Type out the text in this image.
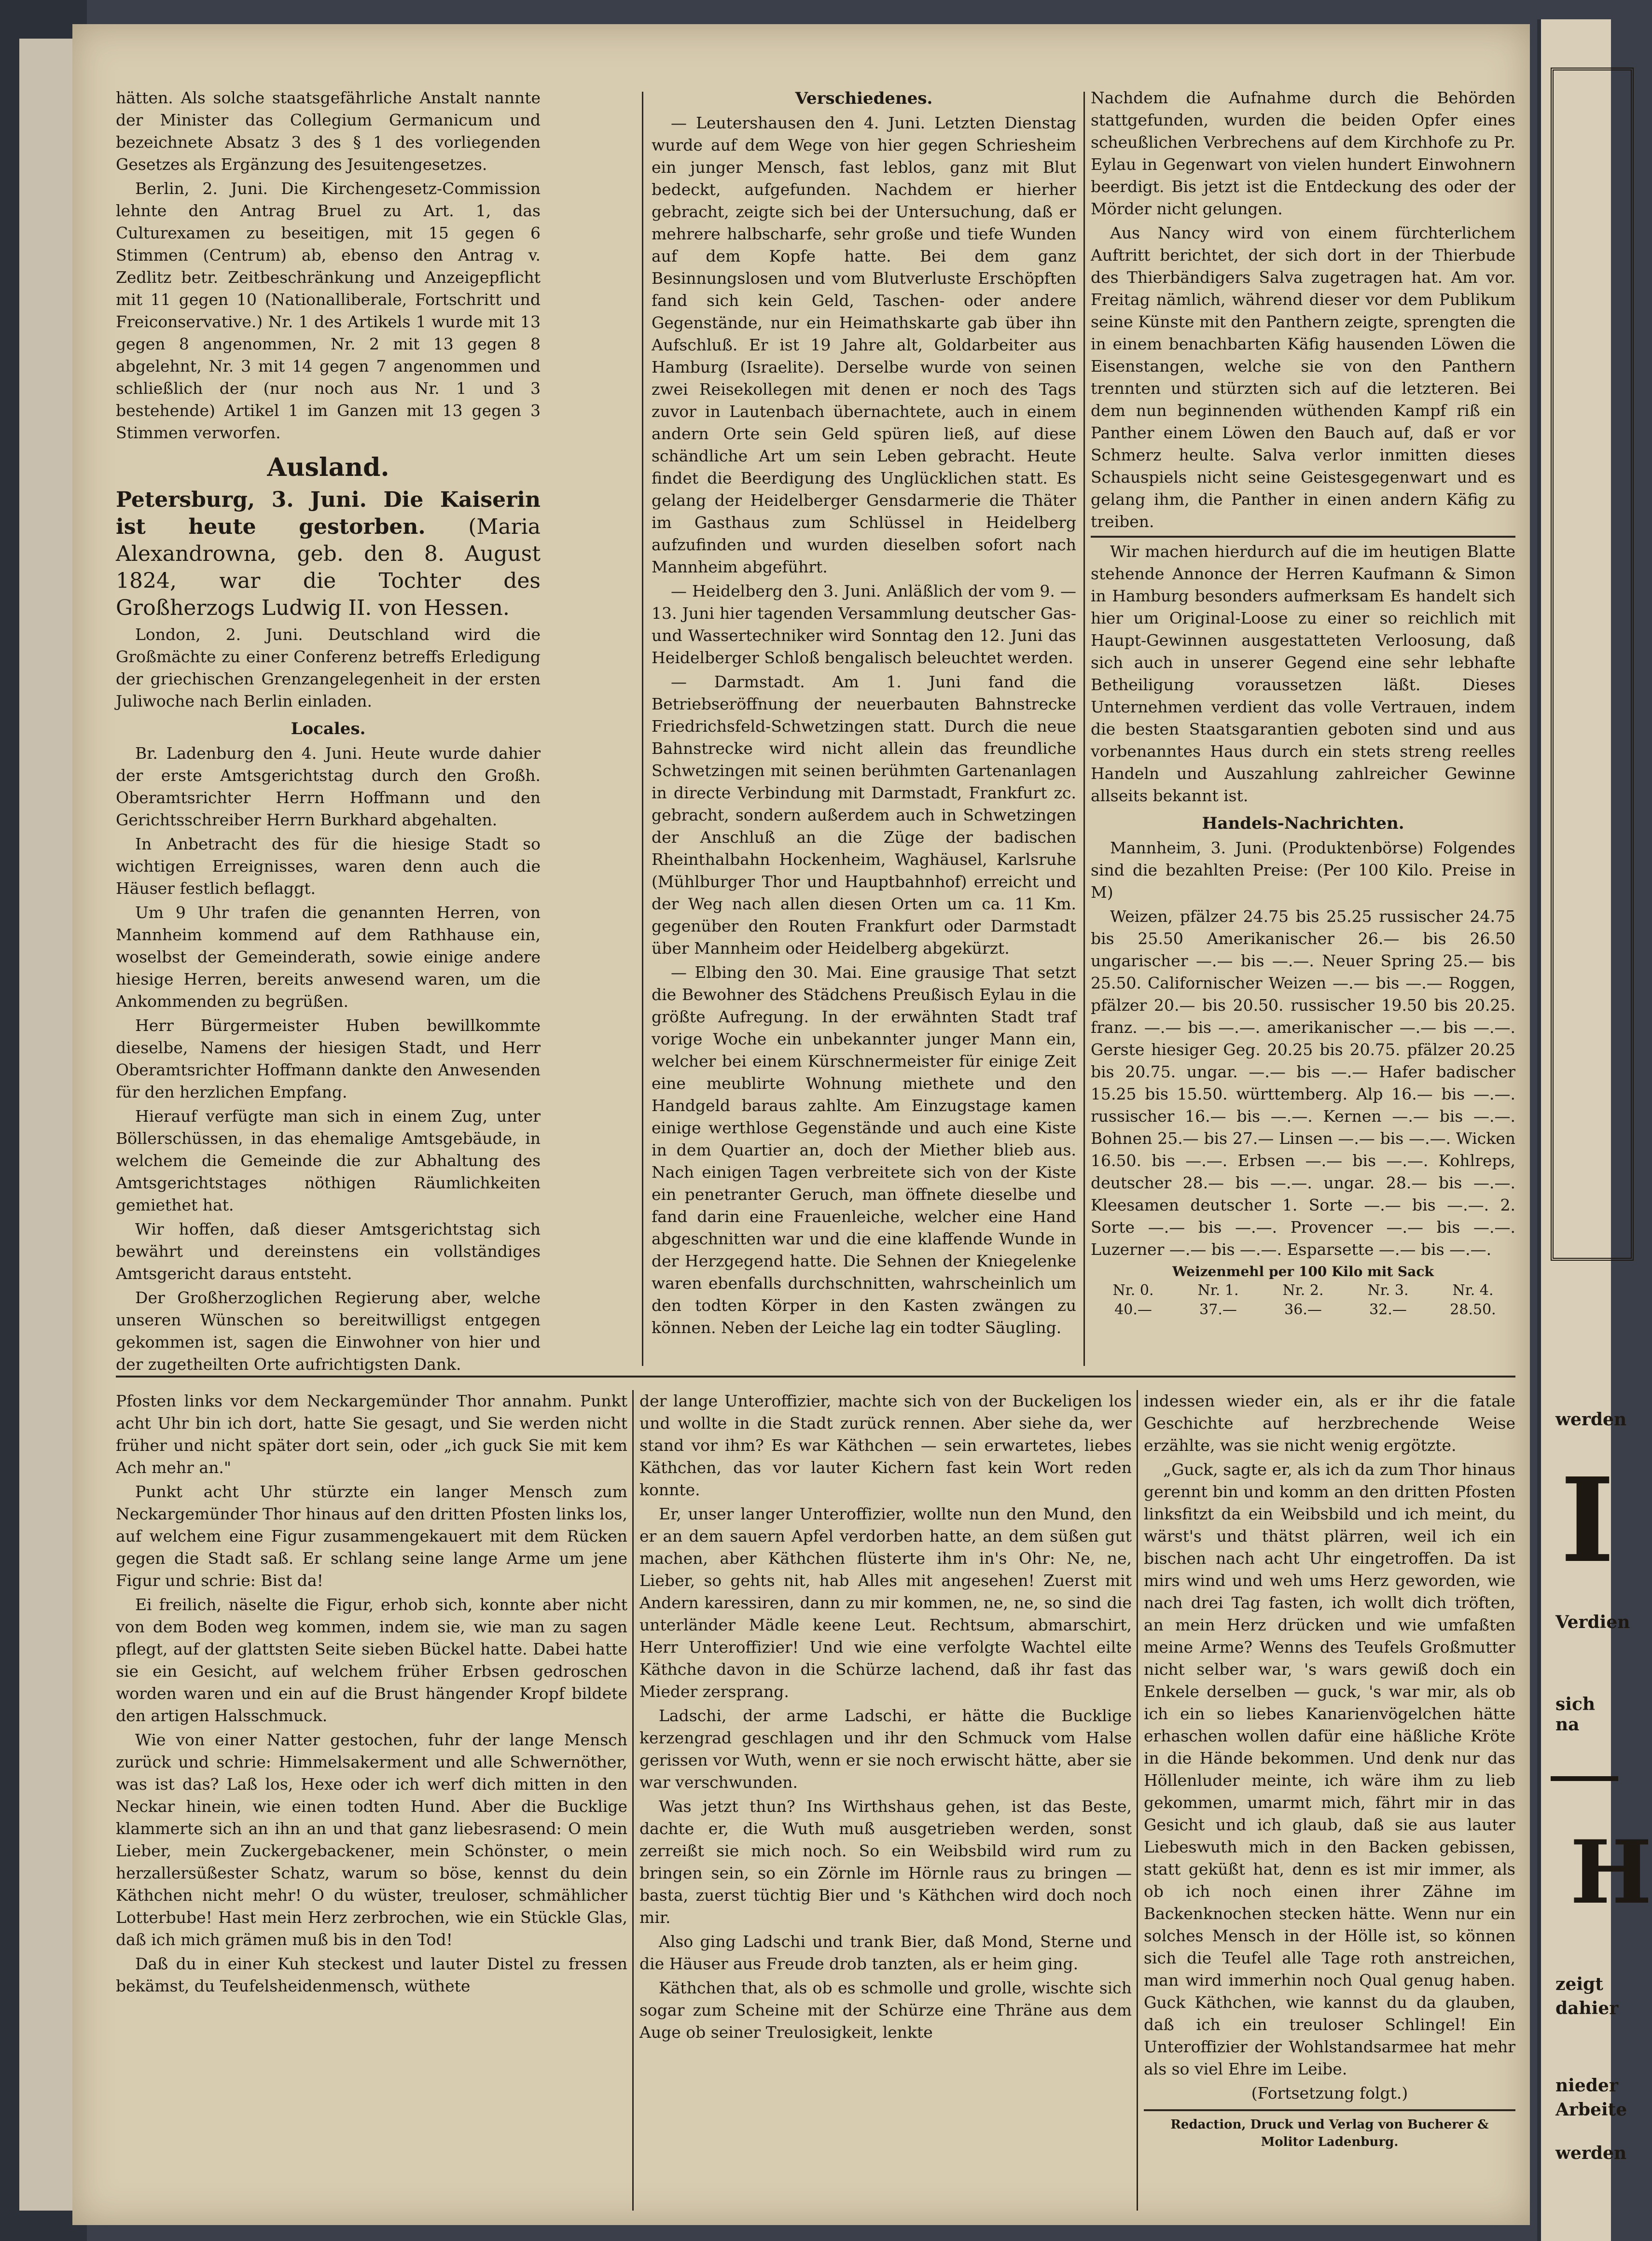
hätten. Als solche staatsgefährliche Anstalt nannte der Minister das Collegium Germanicum und bezeichnete Absatz 3 des § 1 des vorliegenden Gesetzes als Ergänzung des Jesuitengesetzes.

Berlin, 2. Juni. Die Kirchengesetz-Commission lehnte den Antrag Bruel zu Art. 1, das Culturexamen zu beseitigen, mit 15 gegen 6 Stimmen (Centrum) ab, ebenso den Antrag v. Zedlitz betr. Zeitbeschränkung und Anzeigepflicht mit 11 gegen 10 (Nationalliberale, Fortschritt und Freiconservative.) Nr. 1 des Artikels 1 wurde mit 13 gegen 8 angenommen, Nr. 2 mit 13 gegen 8 abgelehnt, Nr. 3 mit 14 gegen 7 angenommen und schließlich der (nur noch aus Nr. 1 und 3 bestehende) Artikel 1 im Ganzen mit 13 gegen 3 Stimmen verworfen.

Ausland.

Petersburg, 3. Juni. Die Kaiserin ist heute gestorben. (Maria Alexandrowna, geb. den 8. August 1824, war die Tochter des Großherzogs Ludwig II. von Hessen.

London, 2. Juni. Deutschland wird die Großmächte zu einer Conferenz betreffs Erledigung der griechischen Grenzangelegenheit in der ersten Juliwoche nach Berlin einladen.

Locales.

Br. Ladenburg den 4. Juni. Heute wurde dahier der erste Amtsgerichtstag durch den Großh. Oberamtsrichter Herrn Hoffmann und den Gerichtsschreiber Herrn Burkhard abgehalten.

In Anbetracht des für die hiesige Stadt so wichtigen Erreignisses, waren denn auch die Häuser festlich beflaggt.

Um 9 Uhr trafen die genannten Herren, von Mannheim kommend auf dem Rathhause ein, woselbst der Gemeinderath, sowie einige andere hiesige Herren, bereits anwesend waren, um die Ankommenden zu begrüßen.

Herr Bürgermeister Huben bewillkommte dieselbe, Namens der hiesigen Stadt, und Herr Oberamtsrichter Hoffmann dankte den Anwesenden für den herzlichen Empfang.

Hierauf verfügte man sich in einem Zug, unter Böllerschüssen, in das ehemalige Amtsgebäude, in welchem die Gemeinde die zur Abhaltung des Amtsgerichtstages nöthigen Räumlichkeiten gemiethet hat.

Wir hoffen, daß dieser Amtsgerichtstag sich bewährt und dereinstens ein vollständiges Amtsgericht daraus entsteht.

Der Großherzoglichen Regierung aber, welche unseren Wünschen so bereitwilligst entgegen gekommen ist, sagen die Einwohner von hier und der zugetheilten Orte aufrichtigsten Dank.

Verschiedenes.

— Leutershausen den 4. Juni. Letzten Dienstag wurde auf dem Wege von hier gegen Schriesheim ein junger Mensch, fast leblos, ganz mit Blut bedeckt, aufgefunden. Nachdem er hierher gebracht, zeigte sich bei der Untersuchung, daß er mehrere halbscharfe, sehr große und tiefe Wunden auf dem Kopfe hatte. Bei dem ganz Besinnungslosen und vom Blutverluste Erschöpften fand sich kein Geld, Taschen- oder andere Gegenstände, nur ein Heimathskarte gab über ihn Aufschluß. Er ist 19 Jahre alt, Goldarbeiter aus Hamburg (Israelite). Derselbe wurde von seinen zwei Reisekollegen mit denen er noch des Tags zuvor in Lautenbach übernachtete, auch in einem andern Orte sein Geld spüren ließ, auf diese schändliche Art um sein Leben gebracht. Heute findet die Beerdigung des Unglücklichen statt. Es gelang der Heidelberger Gensdarmerie die Thäter im Gasthaus zum Schlüssel in Heidelberg aufzufinden und wurden dieselben sofort nach Mannheim abgeführt.

— Heidelberg den 3. Juni. Anläßlich der vom 9. — 13. Juni hier tagenden Versammlung deutscher Gas- und Wassertechniker wird Sonntag den 12. Juni das Heidelberger Schloß bengalisch beleuchtet werden.

— Darmstadt. Am 1. Juni fand die Betriebseröffnung der neuerbauten Bahnstrecke Friedrichsfeld-Schwetzingen statt. Durch die neue Bahnstrecke wird nicht allein das freundliche Schwetzingen mit seinen berühmten Gartenanlagen in directe Verbindung mit Darmstadt, Frankfurt zc. gebracht, sondern außerdem auch in Schwetzingen der Anschluß an die Züge der badischen Rheinthalbahn Hockenheim, Waghäusel, Karlsruhe (Mühlburger Thor und Hauptbahnhof) erreicht und der Weg nach allen diesen Orten um ca. 11 Km. gegenüber den Routen Frankfurt oder Darmstadt über Mannheim oder Heidelberg abgekürzt.

— Elbing den 30. Mai. Eine grausige That setzt die Bewohner des Städchens Preußisch Eylau in die größte Aufregung. In der erwähnten Stadt traf vorige Woche ein unbekannter junger Mann ein, welcher bei einem Kürschnermeister für einige Zeit eine meublirte Wohnung miethete und den Handgeld baraus zahlte. Am Einzugstage kamen einige werthlose Gegenstände und auch eine Kiste in dem Quartier an, doch der Miether blieb aus. Nach einigen Tagen verbreitete sich von der Kiste ein penetranter Geruch, man öffnete dieselbe und fand darin eine Frauenleiche, welcher eine Hand abgeschnitten war und die eine klaffende Wunde in der Herzgegend hatte. Die Sehnen der Kniegelenke waren ebenfalls durchschnitten, wahrscheinlich um den todten Körper in den Kasten zwängen zu können. Neben der Leiche lag ein todter Säugling.

Nachdem die Aufnahme durch die Behörden stattgefunden, wurden die beiden Opfer eines scheußlichen Verbrechens auf dem Kirchhofe zu Pr. Eylau in Gegenwart von vielen hundert Einwohnern beerdigt. Bis jetzt ist die Entdeckung des oder der Mörder nicht gelungen.

Aus Nancy wird von einem fürchterlichem Auftritt berichtet, der sich dort in der Thierbude des Thierbändigers Salva zugetragen hat. Am vor. Freitag nämlich, während dieser vor dem Publikum seine Künste mit den Panthern zeigte, sprengten die in einem benachbarten Käfig hausenden Löwen die Eisenstangen, welche sie von den Panthern trennten und stürzten sich auf die letzteren. Bei dem nun beginnenden wüthenden Kampf riß ein Panther einem Löwen den Bauch auf, daß er vor Schmerz heulte. Salva verlor inmitten dieses Schauspiels nicht seine Geistesgegenwart und es gelang ihm, die Panther in einen andern Käfig zu treiben.

Wir machen hierdurch auf die im heutigen Blatte stehende Annonce der Herren Kaufmann & Simon in Hamburg besonders aufmerksam Es handelt sich hier um Original-Loose zu einer so reichlich mit Haupt-Gewinnen ausgestatteten Verloosung, daß sich auch in unserer Gegend eine sehr lebhafte Betheiligung voraussetzen läßt. Dieses Unternehmen verdient das volle Vertrauen, indem die besten Staatsgarantien geboten sind und aus vorbenanntes Haus durch ein stets streng reelles Handeln und Auszahlung zahlreicher Gewinne allseits bekannt ist.

Handels-Nachrichten.

Mannheim, 3. Juni. (Produktenbörse) Folgendes sind die bezahlten Preise: (Per 100 Kilo. Preise in M)

Weizen, pfälzer 24.75 bis 25.25 russischer 24.75 bis 25.50 Amerikanischer 26.— bis 26.50 ungarischer —.— bis —.—. Neuer Spring 25.— bis 25.50. Californischer Weizen —.— bis —.— Roggen, pfälzer 20.— bis 20.50. russischer 19.50 bis 20.25. franz. —.— bis —.—. amerikanischer —.— bis —.—. Gerste hiesiger Geg. 20.25 bis 20.75. pfälzer 20.25 bis 20.75. ungar. —.— bis —.— Hafer badischer 15.25 bis 15.50. württemberg. Alp 16.— bis —.—. russischer 16.— bis —.—. Kernen —.— bis —.—. Bohnen 25.— bis 27.— Linsen —.— bis —.—. Wicken 16.50. bis —.—. Erbsen —.— bis —.—. Kohlreps, deutscher 28.— bis —.—. ungar. 28.— bis —.—. Kleesamen deutscher 1. Sorte —.— bis —.—. 2. Sorte —.— bis —.—. Provencer —.— bis —.—. Luzerner —.— bis —.—. Esparsette —.— bis —.—.

Weizenmehl per 100 Kilo mit Sack
Nr. 0.	Nr. 1.	Nr. 2.	Nr. 3.	Nr. 4.
40.—	37.—	36.—	32.—	28.50.

Pfosten links vor dem Neckargemünder Thor annahm. Punkt acht Uhr bin ich dort, hatte Sie gesagt, und Sie werden nicht früher und nicht später dort sein, oder „ich guck Sie mit kem Ach mehr an."

Punkt acht Uhr stürzte ein langer Mensch zum Neckargemünder Thor hinaus auf den dritten Pfosten links los, auf welchem eine Figur zusammengekauert mit dem Rücken gegen die Stadt saß. Er schlang seine lange Arme um jene Figur und schrie: Bist da!

Ei freilich, näselte die Figur, erhob sich, konnte aber nicht von dem Boden weg kommen, indem sie, wie man zu sagen pflegt, auf der glattsten Seite sieben Bückel hatte. Dabei hatte sie ein Gesicht, auf welchem früher Erbsen gedroschen worden waren und ein auf die Brust hängender Kropf bildete den artigen Halsschmuck.

Wie von einer Natter gestochen, fuhr der lange Mensch zurück und schrie: Himmelsakerment und alle Schwernöther, was ist das? Laß los, Hexe oder ich werf dich mitten in den Neckar hinein, wie einen todten Hund. Aber die Bucklige klammerte sich an ihn an und that ganz liebesrasend: O mein Lieber, mein Zuckergebackener, mein Schönster, o mein herzallersüßester Schatz, warum so böse, kennst du dein Käthchen nicht mehr! O du wüster, treuloser, schmählicher Lotterbube! Hast mein Herz zerbrochen, wie ein Stückle Glas, daß ich mich grämen muß bis in den Tod!

Daß du in einer Kuh steckest und lauter Distel zu fressen bekämst, du Teufelsheidenmensch, wüthete

der lange Unteroffizier, machte sich von der Buckeligen los und wollte in die Stadt zurück rennen. Aber siehe da, wer stand vor ihm? Es war Käthchen — sein erwartetes, liebes Käthchen, das vor lauter Kichern fast kein Wort reden konnte.

Er, unser langer Unteroffizier, wollte nun den Mund, den er an dem sauern Apfel verdorben hatte, an dem süßen gut machen, aber Käthchen flüsterte ihm in's Ohr: Ne, ne, Lieber, so gehts nit, hab Alles mit angesehen! Zuerst mit Andern karessiren, dann zu mir kommen, ne, ne, so sind die unterländer Mädle keene Leut. Rechtsum, abmarschirt, Herr Unteroffizier! Und wie eine verfolgte Wachtel eilte Käthche davon in die Schürze lachend, daß ihr fast das Mieder zersprang.

Ladschi, der arme Ladschi, er hätte die Bucklige kerzengrad geschlagen und ihr den Schmuck vom Halse gerissen vor Wuth, wenn er sie noch erwischt hätte, aber sie war verschwunden.

Was jetzt thun? Ins Wirthshaus gehen, ist das Beste, dachte er, die Wuth muß ausgetrieben werden, sonst zerreißt sie mich noch. So ein Weibsbild wird rum zu bringen sein, so ein Zörnle im Hörnle raus zu bringen — basta, zuerst tüchtig Bier und 's Käthchen wird doch noch mir.

Also ging Ladschi und trank Bier, daß Mond, Sterne und die Häuser aus Freude drob tanzten, als er heim ging.

Käthchen that, als ob es schmolle und grolle, wischte sich sogar zum Scheine mit der Schürze eine Thräne aus dem Auge ob seiner Treulosigkeit, lenkte

indessen wieder ein, als er ihr die fatale Geschichte auf herzbrechende Weise erzählte, was sie nicht wenig ergötzte.

„Guck, sagte er, als ich da zum Thor hinaus gerennt bin und komm an den dritten Pfosten linksfitzt da ein Weibsbild und ich meint, du wärst's und thätst plärren, weil ich ein bischen nach acht Uhr eingetroffen. Da ist mirs wind und weh ums Herz geworden, wie nach drei Tag fasten, ich wollt dich tröften, an mein Herz drücken und wie umfaßten meine Arme? Wenns des Teufels Großmutter nicht selber war, 's wars gewiß doch ein Enkele derselben — guck, 's war mir, als ob ich ein so liebes Kanarienvögelchen hätte erhaschen wollen dafür eine häßliche Kröte in die Hände bekommen. Und denk nur das Höllenluder meinte, ich wäre ihm zu lieb gekommen, umarmt mich, fährt mir in das Gesicht und ich glaub, daß sie aus lauter Liebeswuth mich in den Backen gebissen, statt geküßt hat, denn es ist mir immer, als ob ich noch einen ihrer Zähne im Backenknochen stecken hätte. Wenn nur ein solches Mensch in der Hölle ist, so können sich die Teufel alle Tage roth anstreichen, man wird immerhin noch Qual genug haben. Guck Käthchen, wie kannst du da glauben, daß ich ein treuloser Schlingel! Ein Unteroffizier der Wohlstandsarmee hat mehr als so viel Ehre im Leibe.

(Fortsetzung folgt.)

Redaction, Druck und Verlag von Bucherer & Molitor Ladenburg.
werden
I
Verdien
sich na
H
zeigt
dahier
nieder
Arbeite
werden
